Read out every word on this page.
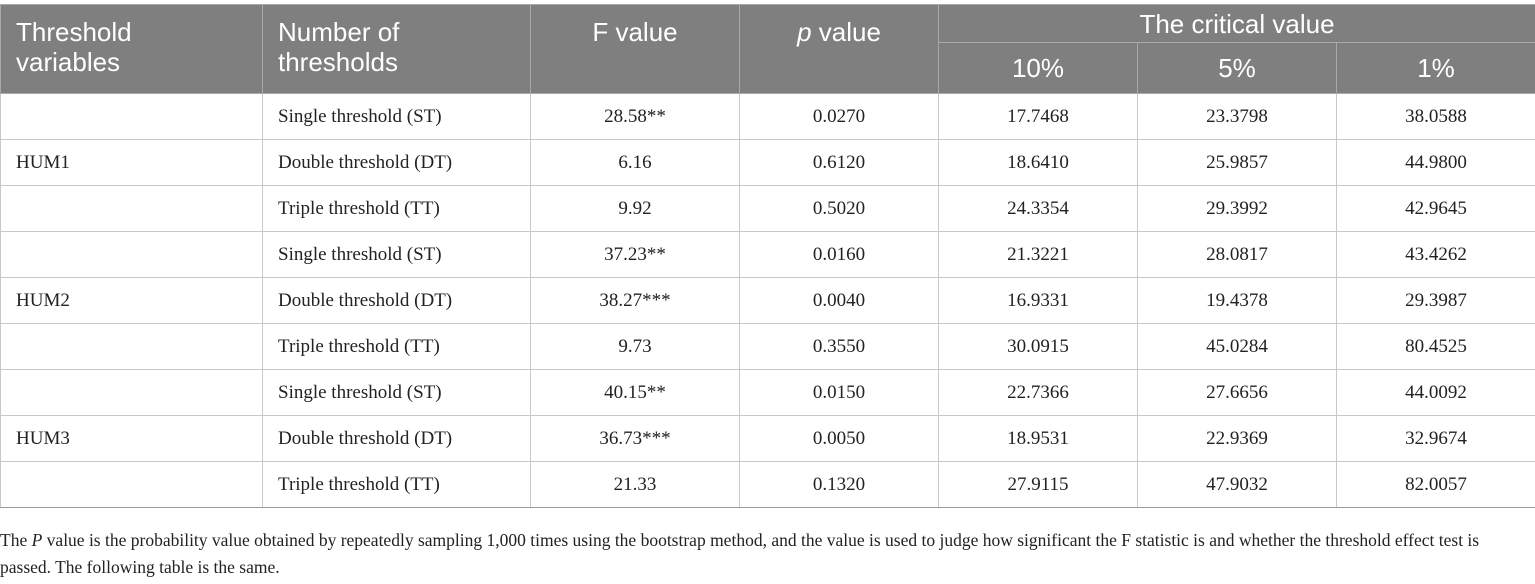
Threshold
variables	Number of
thresholds	F value	p value	The critical value		
				10%	5%	1%
	Single threshold (ST)	28.58**	0.0270	17.7468	23.3798	38.0588
HUM1	Double threshold (DT)	6.16	0.6120	18.6410	25.9857	44.9800
	Triple threshold (TT)	9.92	0.5020	24.3354	29.3992	42.9645
	Single threshold (ST)	37.23**	0.0160	21.3221	28.0817	43.4262
HUM2	Double threshold (DT)	38.27***	0.0040	16.9331	19.4378	29.3987
	Triple threshold (TT)	9.73	0.3550	30.0915	45.0284	80.4525
	Single threshold (ST)	40.15**	0.0150	22.7366	27.6656	44.0092
HUM3	Double threshold (DT)	36.73***	0.0050	18.9531	22.9369	32.9674
	Triple threshold (TT)	21.33	0.1320	27.9115	47.9032	82.0057
The P value is the probability value obtained by repeatedly sampling 1,000 times using the bootstrap method, and the value is used to judge how significant the F statistic is and whether the threshold effect test is passed. The following table is the same.
